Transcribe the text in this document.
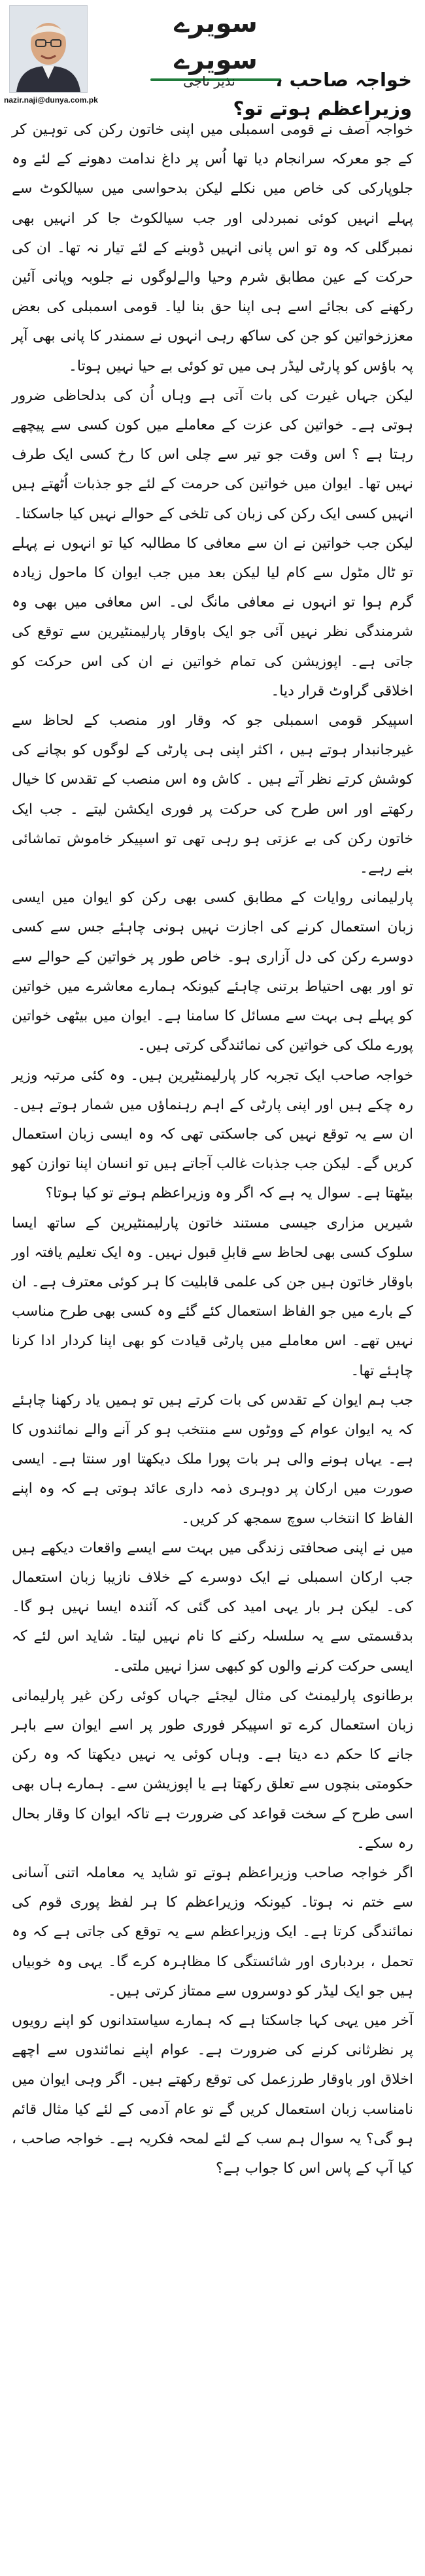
nazir.naji@dunya.com.pk
سویرے سویرے
نذیر ناجی	خواجہ صاحب ، وزیراعظم ہوتے تو؟

خواجہ آصف نے قومی اسمبلی میں اپنی خاتون رکن کی توہین کر کے جو معرکہ سرانجام دیا تھا اُس پر داغ ندامت دھونے کے لئے وہ جلوپارکی کی خاص میں نکلے لیکن بدحواسی میں سیالکوٹ سے پہلے انہیں کوئی نمبردلی اور جب سیالکوٹ جا کر انہیں بھی نمبرگلی کہ وہ تو اس پانی انہیں ڈوبنے کے لئے تیار نہ تھا۔ ان کی حرکت کے عین مطابق شرم وحیا والےلوگوں نے جلوبہ وپانی آئین رکھنے کی بجائے اسے ہی اپنا حق بنا لیا۔ قومی اسمبلی کی بعض معززخواتین کو جن کی ساکھ رہی انہوں نے سمندر کا پانی بھی آپر پہ باؤس کو پارٹی لیڈر ہی میں تو کوئی بے حیا نہیں ہوتا۔

لیکن جہاں غیرت کی بات آتی ہے وہاں اُن کی بدلحاظی ضرور ہوتی ہے۔ خواتین کی عزت کے معاملے میں کون کسی سے پیچھے رہتا ہے ؟ اس وقت جو تیر سے چلی اس کا رخ کسی ایک طرف نہیں تھا۔ ایوان میں خواتین کی حرمت کے لئے جو جذبات اُٹھتے ہیں انہیں کسی ایک رکن کی زبان کی تلخی کے حوالے نہیں کیا جاسکتا۔

لیکن جب خواتین نے ان سے معافی کا مطالبہ کیا تو انہوں نے پہلے تو ٹال مٹول سے کام لیا لیکن بعد میں جب ایوان کا ماحول زیادہ گرم ہوا تو انہوں نے معافی مانگ لی۔ اس معافی میں بھی وہ شرمندگی نظر نہیں آئی جو ایک باوقار پارلیمنٹیرین سے توقع کی جاتی ہے۔ اپوزیشن کی تمام خواتین نے ان کی اس حرکت کو اخلاقی گراوٹ قرار دیا۔

اسپیکر قومی اسمبلی جو کہ وقار اور منصب کے لحاظ سے غیرجانبدار ہوتے ہیں ، اکثر اپنی ہی پارٹی کے لوگوں کو بچانے کی کوشش کرتے نظر آتے ہیں ۔ کاش وہ اس منصب کے تقدس کا خیال رکھتے اور اس طرح کی حرکت پر فوری ایکشن لیتے ۔ جب ایک خاتون رکن کی بے عزتی ہو رہی تھی تو اسپیکر خاموش تماشائی بنے رہے۔

پارلیمانی روایات کے مطابق کسی بھی رکن کو ایوان میں ایسی زبان استعمال کرنے کی اجازت نہیں ہونی چاہئے جس سے کسی دوسرے رکن کی دل آزاری ہو۔ خاص طور پر خواتین کے حوالے سے تو اور بھی احتیاط برتنی چاہئے کیونکہ ہمارے معاشرے میں خواتین کو پہلے ہی بہت سے مسائل کا سامنا ہے۔ ایوان میں بیٹھی خواتین پورے ملک کی خواتین کی نمائندگی کرتی ہیں۔

خواجہ صاحب ایک تجربہ کار پارلیمنٹیرین ہیں۔ وہ کئی مرتبہ وزیر رہ چکے ہیں اور اپنی پارٹی کے اہم رہنماؤں میں شمار ہوتے ہیں۔ ان سے یہ توقع نہیں کی جاسکتی تھی کہ وہ ایسی زبان استعمال کریں گے۔ لیکن جب جذبات غالب آجاتے ہیں تو انسان اپنا توازن کھو بیٹھتا ہے۔ سوال یہ ہے کہ اگر وہ وزیراعظم ہوتے تو کیا ہوتا؟

شیریں مزاری جیسی مستند خاتون پارلیمنٹیرین کے ساتھ ایسا سلوک کسی بھی لحاظ سے قابلِ قبول نہیں۔ وہ ایک تعلیم یافتہ اور باوقار خاتون ہیں جن کی علمی قابلیت کا ہر کوئی معترف ہے۔ ان کے بارے میں جو الفاظ استعمال کئے گئے وہ کسی بھی طرح مناسب نہیں تھے۔ اس معاملے میں پارٹی قیادت کو بھی اپنا کردار ادا کرنا چاہئے تھا۔

جب ہم ایوان کے تقدس کی بات کرتے ہیں تو ہمیں یاد رکھنا چاہئے کہ یہ ایوان عوام کے ووٹوں سے منتخب ہو کر آنے والے نمائندوں کا ہے۔ یہاں ہونے والی ہر بات پورا ملک دیکھتا اور سنتا ہے۔ ایسی صورت میں ارکان پر دوہری ذمہ داری عائد ہوتی ہے کہ وہ اپنے الفاظ کا انتخاب سوچ سمجھ کر کریں۔

میں نے اپنی صحافتی زندگی میں بہت سے ایسے واقعات دیکھے ہیں جب ارکان اسمبلی نے ایک دوسرے کے خلاف نازیبا زبان استعمال کی۔ لیکن ہر بار یہی امید کی گئی کہ آئندہ ایسا نہیں ہو گا۔ بدقسمتی سے یہ سلسلہ رکنے کا نام نہیں لیتا۔ شاید اس لئے کہ ایسی حرکت کرنے والوں کو کبھی سزا نہیں ملتی۔

برطانوی پارلیمنٹ کی مثال لیجئے جہاں کوئی رکن غیر پارلیمانی زبان استعمال کرے تو اسپیکر فوری طور پر اسے ایوان سے باہر جانے کا حکم دے دیتا ہے۔ وہاں کوئی یہ نہیں دیکھتا کہ وہ رکن حکومتی بنچوں سے تعلق رکھتا ہے یا اپوزیشن سے۔ ہمارے ہاں بھی اسی طرح کے سخت قواعد کی ضرورت ہے تاکہ ایوان کا وقار بحال رہ سکے۔

اگر خواجہ صاحب وزیراعظم ہوتے تو شاید یہ معاملہ اتنی آسانی سے ختم نہ ہوتا۔ کیونکہ وزیراعظم کا ہر لفظ پوری قوم کی نمائندگی کرتا ہے۔ ایک وزیراعظم سے یہ توقع کی جاتی ہے کہ وہ تحمل ، بردباری اور شائستگی کا مظاہرہ کرے گا۔ یہی وہ خوبیاں ہیں جو ایک لیڈر کو دوسروں سے ممتاز کرتی ہیں۔

آخر میں یہی کہا جاسکتا ہے کہ ہمارے سیاستدانوں کو اپنے رویوں پر نظرثانی کرنے کی ضرورت ہے۔ عوام اپنے نمائندوں سے اچھے اخلاق اور باوقار طرزعمل کی توقع رکھتے ہیں۔ اگر وہی ایوان میں نامناسب زبان استعمال کریں گے تو عام آدمی کے لئے کیا مثال قائم ہو گی؟ یہ سوال ہم سب کے لئے لمحہ فکریہ ہے۔ خواجہ صاحب ، کیا آپ کے پاس اس کا جواب ہے؟
